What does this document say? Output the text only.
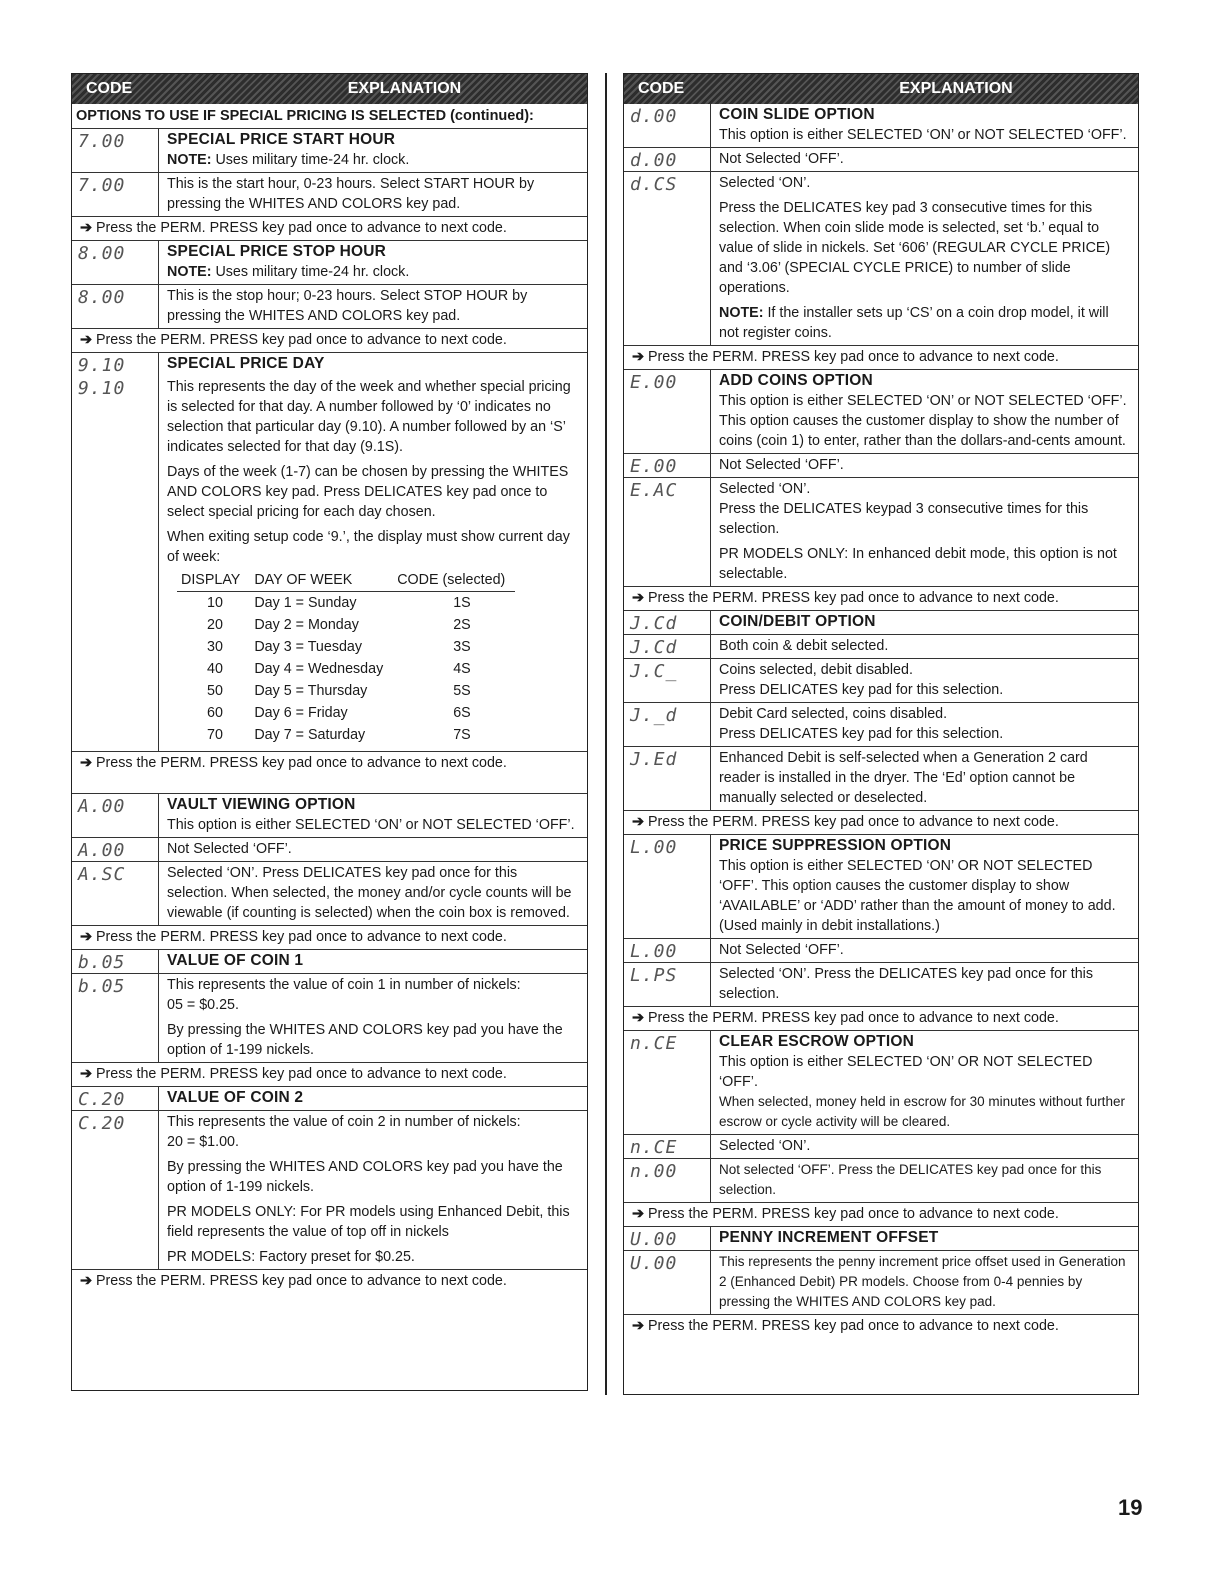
CODE	EXPLANATION
OPTIONS TO USE IF SPECIAL PRICING IS SELECTED (continued):
7.00	SPECIAL PRICE START HOUR
NOTE: Uses military time-24 hr. clock.
7.00	This is the start hour, 0-23 hours. Select START HOUR by pressing the WHITES AND COLORS key pad.

➔ Press the PERM. PRESS key pad once to advance to next code.
8.00	SPECIAL PRICE STOP HOUR
NOTE: Uses military time-24 hr. clock.
8.00	This is the stop hour; 0-23 hours. Select STOP HOUR by pressing the WHITES AND COLORS key pad.

➔ Press the PERM. PRESS key pad once to advance to next code.
9.10	SPECIAL PRICE DAY
9.10	This represents the day of the week and whether special pricing is selected for that day. A number followed by ‘0’ indicates no selection that particular day (9.10). A number followed by an ‘S’ indicates selected for that day (9.1S).

Days of the week (1-7) can be chosen by pressing the WHITES AND COLORS key pad. Press DELICATES key pad once to select special pricing for each day chosen.

When exiting setup code ‘9.’, the display must show current day of week:

DISPLAY	DAY OF WEEK	CODE (selected)
10	Day 1 = Sunday	1S
20	Day 2 = Monday	2S
30	Day 3 = Tuesday	3S
40	Day 4 = Wednesday	4S
50	Day 5 = Thursday	5S
60	Day 6 = Friday	6S
70	Day 7 = Saturday	7S
➔ Press the PERM. PRESS key pad once to advance to next code.
A.00	VAULT VIEWING OPTION

This option is either SELECTED ‘ON’ or NOT SELECTED ‘OFF’.

A.00	Not Selected ‘OFF’.

A.SC	Selected ‘ON’. Press DELICATES key pad once for this selection. When selected, the money and/or cycle counts will be viewable (if counting is selected) when the coin box is removed.

➔ Press the PERM. PRESS key pad once to advance to next code.
b.05	VALUE OF COIN 1
b.05	This represents the value of coin 1 in number of nickels:

05 = $0.25.

By pressing the WHITES AND COLORS key pad you have the option of 1-199 nickels.

➔ Press the PERM. PRESS key pad once to advance to next code.
C.20	VALUE OF COIN 2
C.20	This represents the value of coin 2 in number of nickels:

20 = $1.00.

By pressing the WHITES AND COLORS key pad you have the option of 1-199 nickels.

PR MODELS ONLY: For PR models using Enhanced Debit, this field represents the value of top off in nickels

PR MODELS: Factory preset for $0.25.

➔ Press the PERM. PRESS key pad once to advance to next code.
CODE	EXPLANATION
d.00	COIN SLIDE OPTION

This option is either SELECTED ‘ON’ or NOT SELECTED ‘OFF’.

d.00	Not Selected ‘OFF’.

d.CS	Selected ‘ON’.

Press the DELICATES key pad 3 consecutive times for this selection. When coin slide mode is selected, set ‘b.’ equal to value of slide in nickels. Set ‘606’ (REGULAR CYCLE PRICE) and ‘3.06’ (SPECIAL CYCLE PRICE) to number of slide operations.

NOTE: If the installer sets up ‘CS’ on a coin drop model, it will not register coins.

➔ Press the PERM. PRESS key pad once to advance to next code.
E.00	ADD COINS OPTION

This option is either SELECTED ‘ON’ or NOT SELECTED ‘OFF’. This option causes the customer display to show the number of coins (coin 1) to enter, rather than the dollars-and-cents amount.

E.00	Not Selected ‘OFF’.

E.AC	Selected ‘ON’.

Press the DELICATES keypad 3 consecutive times for this selection.

PR MODELS ONLY: In enhanced debit mode, this option is not selectable.

➔ Press the PERM. PRESS key pad once to advance to next code.
J.Cd	COIN/DEBIT OPTION
J.Cd	Both coin & debit selected.

J.C_	Coins selected, debit disabled.

Press DELICATES key pad for this selection.

J._d	Debit Card selected, coins disabled.

Press DELICATES key pad for this selection.

J.Ed	Enhanced Debit is self-selected when a Generation 2 card reader is installed in the dryer. The ‘Ed’ option cannot be manually selected or deselected.

➔ Press the PERM. PRESS key pad once to advance to next code.
L.00	PRICE SUPPRESSION OPTION

This option is either SELECTED ‘ON’ OR NOT SELECTED ‘OFF’. This option causes the customer display to show ‘AVAILABLE’ or ‘ADD’ rather than the amount of money to add. (Used mainly in debit installations.)

L.00	Not Selected ‘OFF’.

L.PS	Selected ‘ON’. Press the DELICATES key pad once for this selection.

➔ Press the PERM. PRESS key pad once to advance to next code.
n.CE	CLEAR ESCROW OPTION

This option is either SELECTED ‘ON’ OR NOT SELECTED ‘OFF’.

When selected, money held in escrow for 30 minutes without further escrow or cycle activity will be cleared.

n.CE	Selected ‘ON’.

n.00	Not selected ‘OFF’. Press the DELICATES key pad once for this selection.

➔ Press the PERM. PRESS key pad once to advance to next code.
U.00	PENNY INCREMENT OFFSET
U.00	This represents the penny increment price offset used in Generation 2 (Enhanced Debit) PR models. Choose from 0-4 pennies by pressing the WHITES AND COLORS key pad.

➔ Press the PERM. PRESS key pad once to advance to next code.
19
